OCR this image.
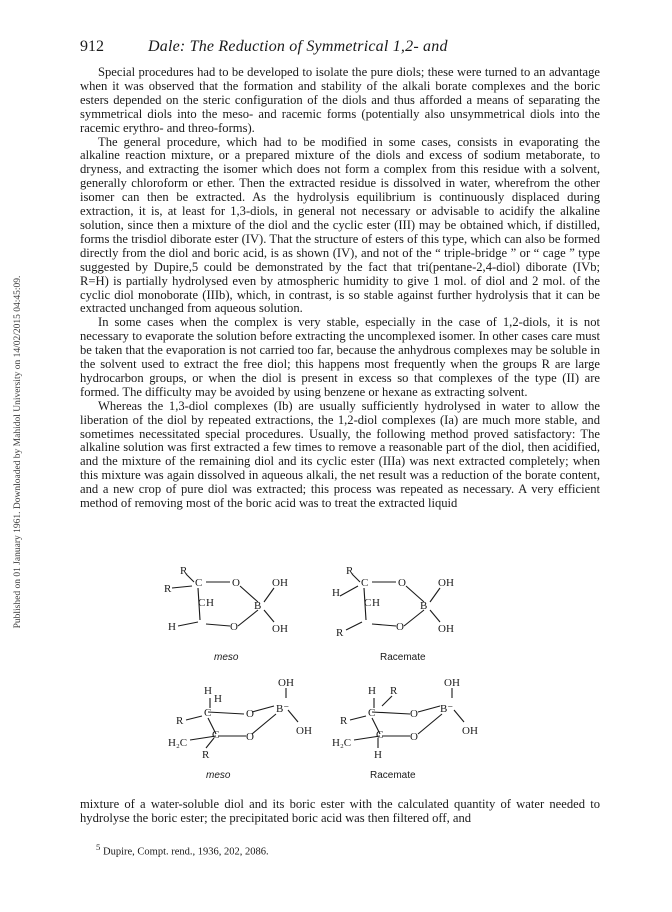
912	Dale: The Reduction of Symmetrical 1,2- and
Published on 01 January 1961. Downloaded by Mahidol University on 14/02/2015 04:45:09.

Special procedures had to be developed to isolate the pure diols; these were turned to an advantage when it was observed that the formation and stability of the alkali borate complexes and the boric esters depended on the steric configuration of the diols and thus afforded a means of separating the symmetrical diols into the meso- and racemic forms (potentially also unsymmetrical diols into the racemic erythro- and threo-forms).

The general procedure, which had to be modified in some cases, consists in evaporating the alkaline reaction mixture, or a prepared mixture of the diols and excess of sodium metaborate, to dryness, and extracting the isomer which does not form a complex from this residue with a solvent, generally chloroform or ether. Then the extracted residue is dissolved in water, wherefrom the other isomer can then be extracted. As the hydrolysis equilibrium is continuously displaced during extraction, it is, at least for 1,3-diols, in general not necessary or advisable to acidify the alkaline solution, since then a mixture of the diol and the cyclic ester (III) may be obtained which, if distilled, forms the trisdiol diborate ester (IV). That the structure of esters of this type, which can also be formed directly from the diol and boric acid, is as shown (IV), and not of the “ triple-bridge ” or “ cage ” type suggested by Dupire,5 could be demonstrated by the fact that tri(pentane-2,4-diol) diborate (IVb; R=H) is partially hydrolysed even by atmospheric humidity to give 1 mol. of diol and 2 mol. of the cyclic diol monoborate (IIIb), which, in contrast, is so stable against further hydrolysis that it can be extracted unchanged from aqueous solution.

In some cases when the complex is very stable, especially in the case of 1,2-diols, it is not necessary to evaporate the solution before extracting the uncomplexed isomer. In other cases care must be taken that the evaporation is not carried too far, because the anhydrous complexes may be soluble in the solvent used to extract the free diol; this happens most frequently when the groups R are large hydrocarbon groups, or when the diol is present in excess so that complexes of the type (II) are formed. The difficulty may be avoided by using benzene or hexane as extracting solvent.

Whereas the 1,3-diol complexes (Ib) are usually sufficiently hydrolysed in water to allow the liberation of the diol by repeated extractions, the 1,2-diol complexes (Ia) are much more stable, and sometimes necessitated special procedures. Usually, the following method proved satisfactory: The alkaline solution was first extracted a few times to remove a reasonable part of the diol, then acidified, and the mixture of the remaining diol and its cyclic ester (IIIa) was next extracted completely; when this mixture was again dissolved in aqueous alkali, the net result was a reduction of the borate content, and a new crop of pure diol was extracted; this process was repeated as necessary. A very efficient method of removing most of the boric acid was to treat the extracted liquid

R
R C	O
B
C H
H	O
OH
OH
R
H
C	O
B
C H
R	O
OH
OH
H
H
C
R
O B⁻
OH
OH
C O
H₂C
R
H R
C
R
O B⁻
OH
OH
C O
H₂C
H
meso	Racemate
meso	Racemate

mixture of a water-soluble diol and its boric ester with the calculated quantity of water needed to hydrolyse the boric ester; the precipitated boric acid was then filtered off, and

$^5$ Dupire, Compt. rend., 1936, 202, 2086.
